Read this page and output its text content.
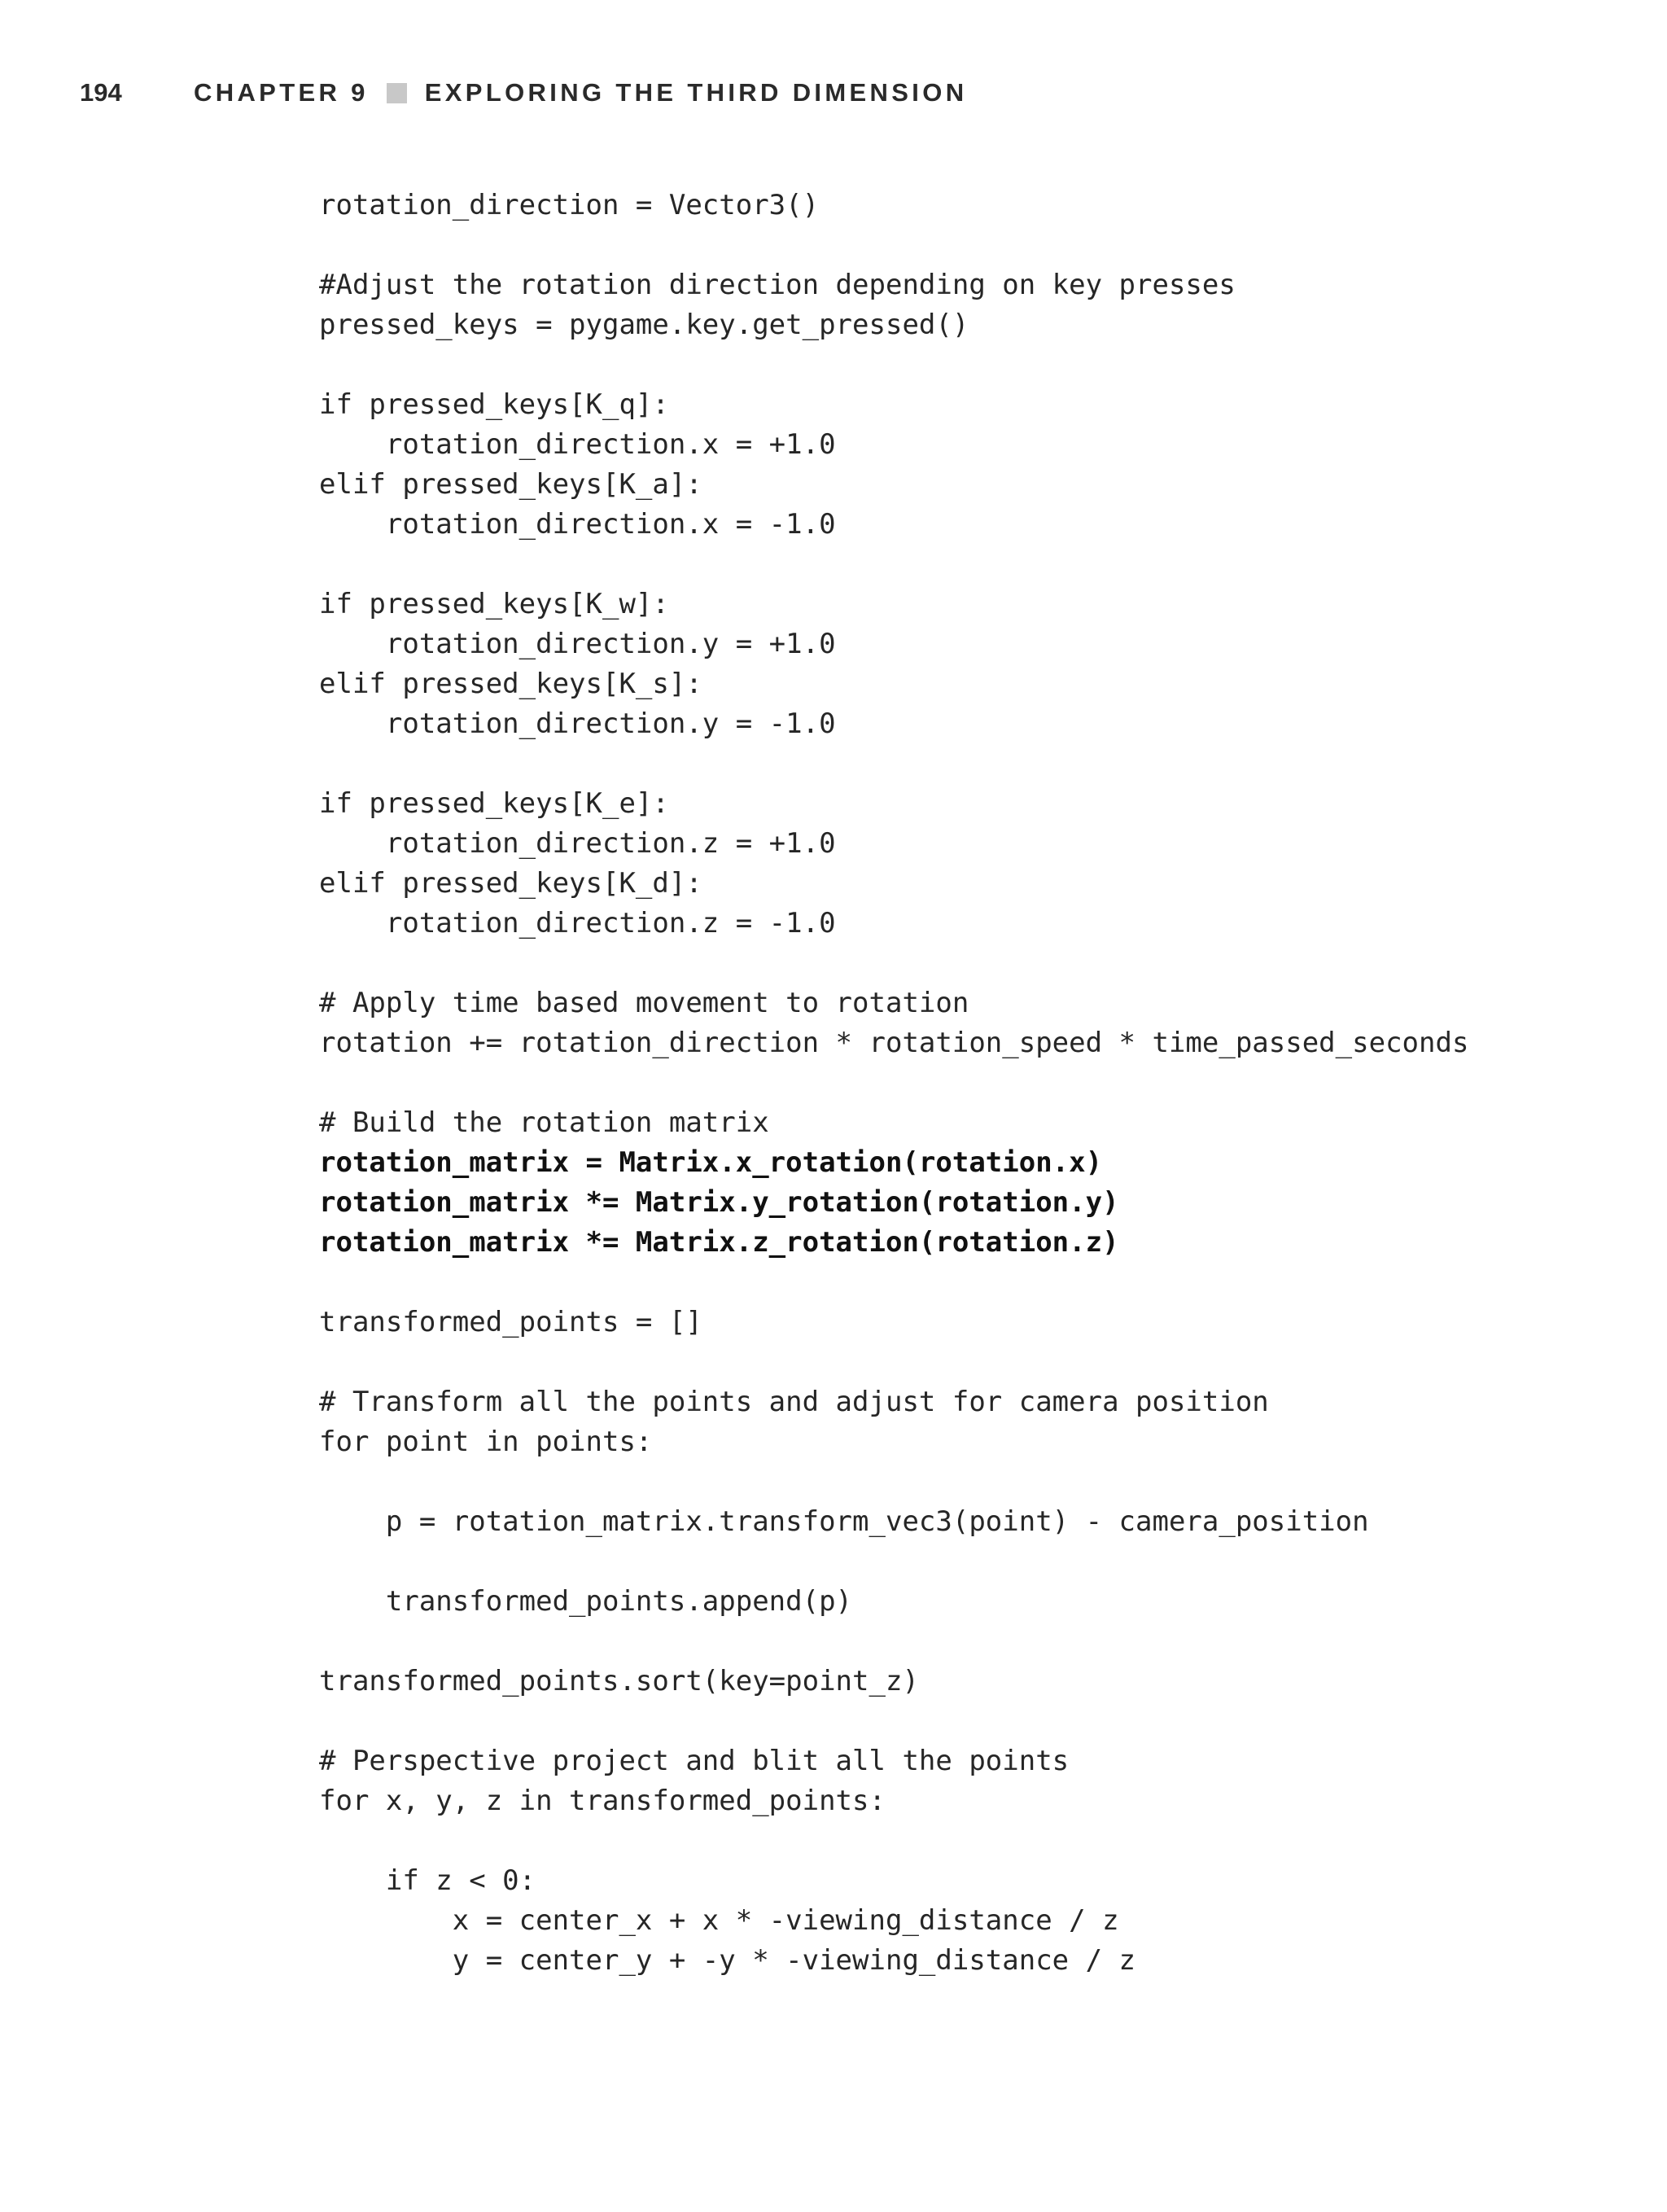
194	CHAPTER 9 EXPLORING THE THIRD DIMENSION
rotation_direction = Vector3()
#Adjust the rotation direction depending on key presses
pressed_keys = pygame.key.get_pressed()
if pressed_keys[K_q]:
rotation_direction.x = +1.0
elif pressed_keys[K_a]:
rotation_direction.x = -1.0
if pressed_keys[K_w]:
rotation_direction.y = +1.0
elif pressed_keys[K_s]:
rotation_direction.y = -1.0
if pressed_keys[K_e]:
rotation_direction.z = +1.0
elif pressed_keys[K_d]:
rotation_direction.z = -1.0
# Apply time based movement to rotation
rotation += rotation_direction * rotation_speed * time_passed_seconds
# Build the rotation matrix
rotation_matrix = Matrix.x_rotation(rotation.x)
rotation_matrix *= Matrix.y_rotation(rotation.y)
rotation_matrix *= Matrix.z_rotation(rotation.z)
transformed_points = []
# Transform all the points and adjust for camera position
for point in points:
p = rotation_matrix.transform_vec3(point) - camera_position
transformed_points.append(p)
transformed_points.sort(key=point_z)
# Perspective project and blit all the points
for x, y, z in transformed_points:
if z < 0:
x = center_x + x * -viewing_distance / z
y = center_y + -y * -viewing_distance / z
